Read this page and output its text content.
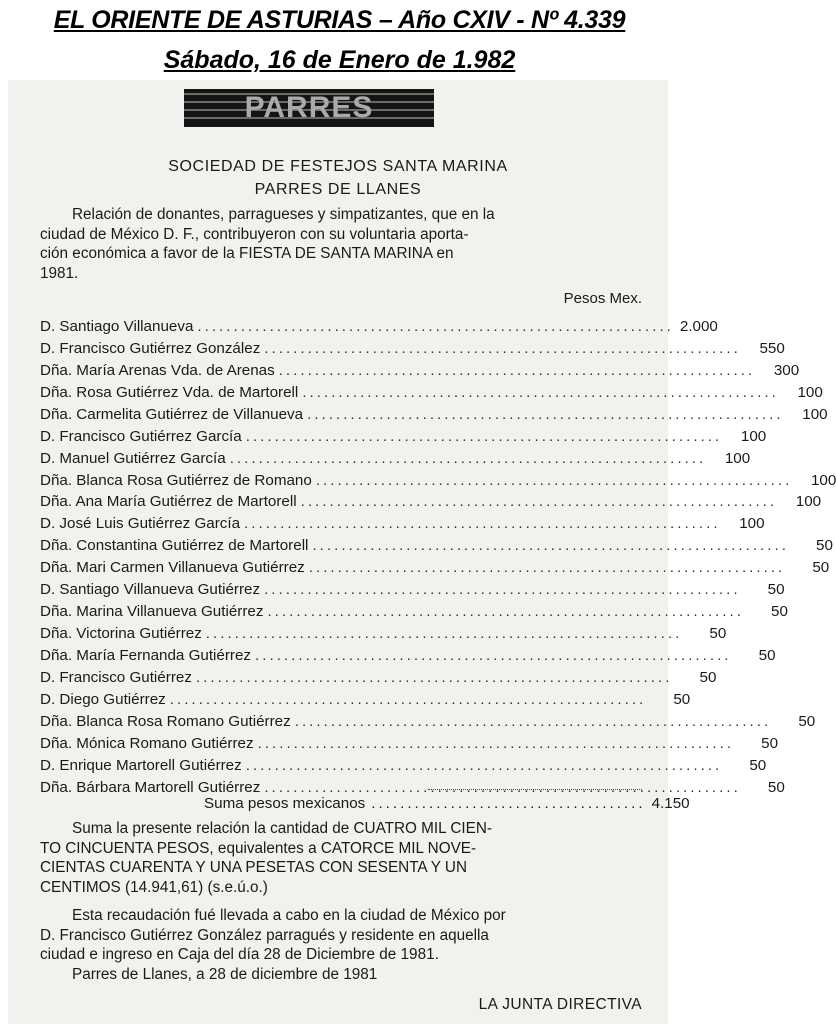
EL ORIENTE DE ASTURIAS – Año CXIV - Nº 4.339
Sábado, 16 de Enero de 1.982
PARRES
SOCIEDAD DE FESTEJOS SANTA MARINA
PARRES DE LLANES
Relación de donantes, parragueses y simpatizantes, que en la
ciudad de México D. F., contribuyeron con su voluntaria aporta-
ción económica a favor de la FIESTA DE SANTA MARINA en
1981.
Pesos Mex.
D. Santiago Villanueva .................................................................. 2.000
D. Francisco Gutiérrez González ..................................................................	550
Dña. María Arenas Vda. de Arenas ..................................................................	300
Dña. Rosa Gutiérrez Vda. de Martorell ..................................................................	100
Dña. Carmelita Gutiérrez de Villanueva ..................................................................	100
D. Francisco Gutiérrez García ..................................................................	100
D. Manuel Gutiérrez García ..................................................................	100
Dña. Blanca Rosa Gutiérrez de Romano ..................................................................	100
Dña. Ana María Gutiérrez de Martorell ..................................................................	100
D. José Luis Gutiérrez García ..................................................................	100
Dña. Constantina Gutiérrez de Martorell ..................................................................	50
Dña. Mari Carmen Villanueva Gutiérrez ..................................................................	50
D. Santiago Villanueva Gutiérrez ..................................................................	50
Dña. Marina Villanueva Gutiérrez ..................................................................	50
Dña. Victorina Gutiérrez ..................................................................	50
Dña. María Fernanda Gutiérrez ..................................................................	50
D. Francisco Gutiérrez ..................................................................	50
D. Diego Gutiérrez ..................................................................	50
Dña. Blanca Rosa Romano Gutiérrez ..................................................................	50
Dña. Mónica Romano Gutiérrez ..................................................................	50
D. Enrique Martorell Gutiérrez ..................................................................	50
Dña. Bárbara Martorell Gutiérrez ..................................................................	50
Suma pesos mexicanos ...................................... 4.150
Suma la presente relación la cantidad de CUATRO MIL CIEN-
TO CINCUENTA PESOS, equivalentes a CATORCE MIL NOVE-
CIENTAS CUARENTA Y UNA PESETAS CON SESENTA Y UN
CENTIMOS (14.941,61) (s.e.ú.o.)
Esta recaudación fué llevada a cabo en la ciudad de México por
D. Francisco Gutiérrez González parragués y residente en aquella
ciudad e ingreso en Caja del día 28 de Diciembre de 1981.
Parres de Llanes, a 28 de diciembre de 1981
LA JUNTA DIRECTIVA
